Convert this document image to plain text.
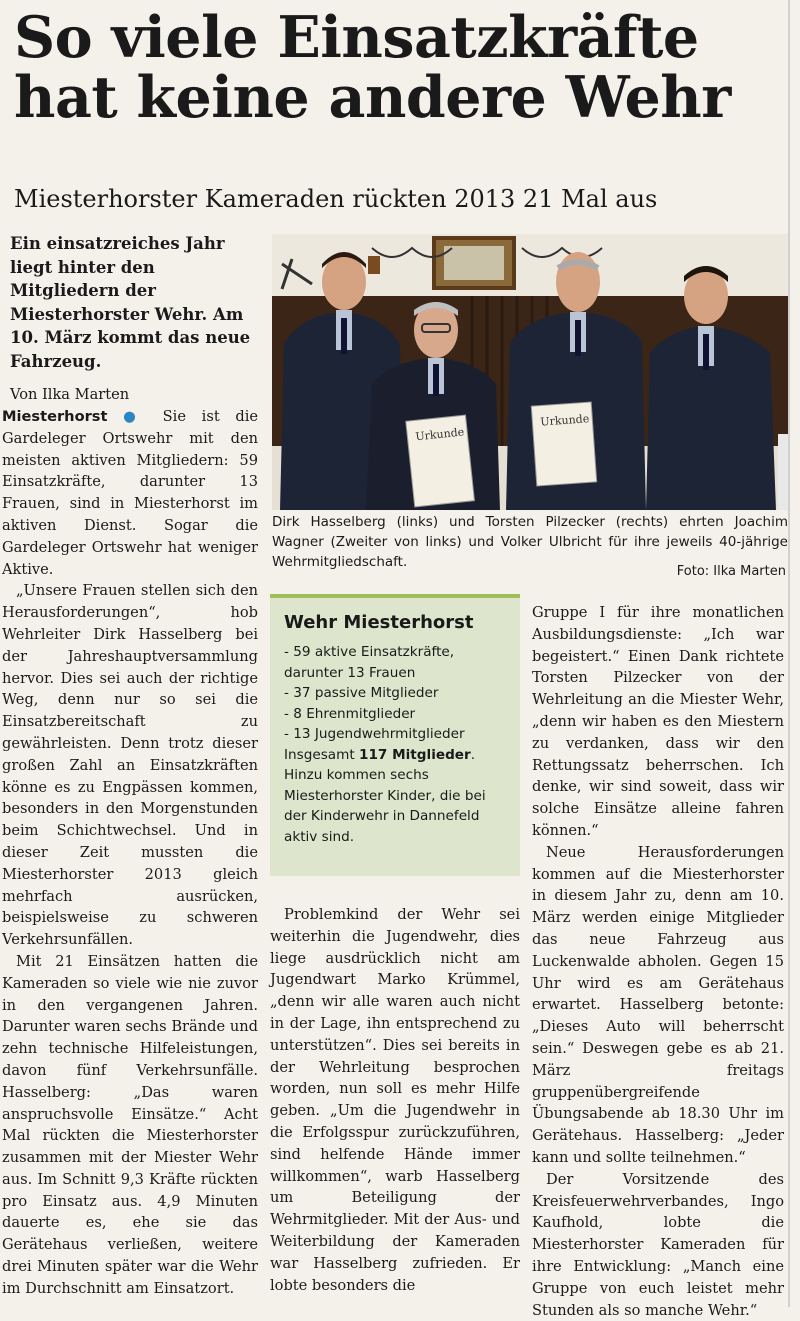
So viele Einsatzkräfte
hat keine andere Wehr
Miesterhorster Kameraden rückten 2013 21 Mal aus
Ein einsatzreiches Jahr liegt hinter den Mitgliedern der Miesterhorster Wehr. Am 10. März kommt das neue Fahrzeug.
Von Ilka Marten

Miesterhorst ● Sie ist die Gardeleger Ortswehr mit den meisten aktiven Mitgliedern: 59 Einsatzkräfte, darunter 13 Frauen, sind in Miesterhorst im aktiven Dienst. Sogar die Gardeleger Ortswehr hat weniger Aktive.

„Unsere Frauen stellen sich den Herausforderungen“, hob Wehrleiter Dirk Hasselberg bei der Jahreshauptversammlung hervor. Dies sei auch der richtige Weg, denn nur so sei die Einsatzbereitschaft zu gewährleisten. Denn trotz dieser großen Zahl an Einsatzkräften könne es zu Engpässen kommen, besonders in den Morgenstunden beim Schichtwechsel. Und in dieser Zeit mussten die Miesterhorster 2013 gleich mehrfach ausrücken, beispielsweise zu schweren Verkehrsunfällen.

Mit 21 Einsätzen hatten die Kameraden so viele wie nie zuvor in den vergangenen Jahren. Darunter waren sechs Brände und zehn technische Hilfeleistungen, davon fünf Verkehrsunfälle. Hasselberg: „Das waren anspruchsvolle Einsätze.“ Acht Mal rückten die Miesterhorster zusammen mit der Miester Wehr aus. Im Schnitt 9,3 Kräfte rückten pro Einsatz aus. 4,9 Minuten dauerte es, ehe sie das Gerätehaus verließen, weitere drei Minuten später war die Wehr im Durchschnitt am Einsatzort.

Urkunde
Urkunde
Dirk Hasselberg (links) und Torsten Pilzecker (rechts) ehrten Joachim Wagner (Zweiter von links) und Volker Ulbricht für ihre jeweils 40-jährige Wehrmitgliedschaft.
Foto: Ilka Marten
Wehr Miesterhorst
- 59 aktive Einsatzkräfte, darunter 13 Frauen
- 37 passive Mitglieder
- 8 Ehrenmitglieder
- 13 Jugendwehrmitglieder
Insgesamt 117 Mitglieder. Hinzu kommen sechs Miesterhorster Kinder, die bei der Kinderwehr in Dannefeld aktiv sind.

Problemkind der Wehr sei weiterhin die Jugendwehr, dies liege ausdrücklich nicht am Jugendwart Marko Krümmel, „denn wir alle waren auch nicht in der Lage, ihn entsprechend zu unterstützen“. Dies sei bereits in der Wehrleitung besprochen worden, nun soll es mehr Hilfe geben. „Um die Jugendwehr in die Erfolgsspur zurückzuführen, sind helfende Hände immer willkommen“, warb Hasselberg um Beteiligung der Wehrmitglieder. Mit der Aus- und Weiterbildung der Kameraden war Hasselberg zufrieden. Er lobte besonders die

Gruppe I für ihre monatlichen Ausbildungsdienste: „Ich war begeistert.“ Einen Dank richtete Torsten Pilzecker von der Wehrleitung an die Miester Wehr, „denn wir haben es den Miestern zu verdanken, dass wir den Rettungssatz beherrschen. Ich denke, wir sind soweit, dass wir solche Einsätze alleine fahren können.“

Neue Herausforderungen kommen auf die Miesterhorster in diesem Jahr zu, denn am 10. März werden einige Mitglieder das neue Fahrzeug aus Luckenwalde abholen. Gegen 15 Uhr wird es am Gerätehaus erwartet. Hasselberg betonte: „Dieses Auto will beherrscht sein.“ Deswegen gebe es ab 21. März freitags gruppenübergreifende Übungsabende ab 18.30 Uhr im Gerätehaus. Hasselberg: „Jeder kann und sollte teilnehmen.“

Der Vorsitzende des Kreisfeuerwehrverbandes, Ingo Kaufhold, lobte die Miesterhorster Kameraden für ihre Entwicklung: „Manch eine Gruppe von euch leistet mehr Stunden als so manche Wehr.“
